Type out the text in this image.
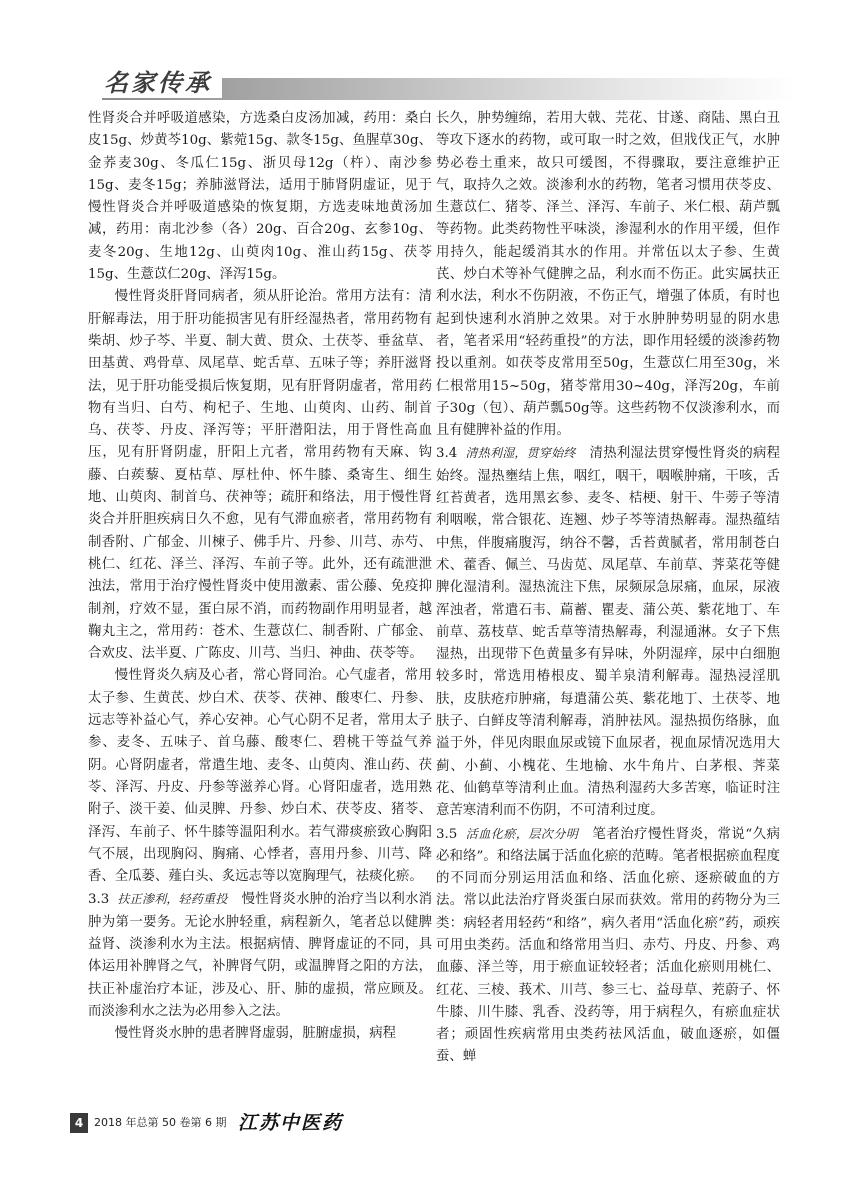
名家传承

性肾炎合并呼吸道感染，方选桑白皮汤加减，药用：桑白皮15g、炒黄芩10g、紫菀15g、款冬15g、鱼腥草30g、金荞麦30g、冬瓜仁15g、浙贝母12g（杵）、南沙参15g、麦冬15g；养肺滋肾法，适用于肺肾阴虚证，见于慢性肾炎合并呼吸道感染的恢复期，方选麦味地黄汤加减，药用：南北沙参（各）20g、百合20g、玄参10g、麦冬20g、生地12g、山萸肉10g、淮山药15g、茯苓15g、生薏苡仁20g、泽泻15g。

慢性肾炎肝肾同病者，须从肝论治。常用方法有：清肝解毒法，用于肝功能损害见有肝经湿热者，常用药物有柴胡、炒子芩、半夏、制大黄、贯众、土茯苓、垂盆草、田基黄、鸡骨草、凤尾草、蛇舌草、五味子等；养肝滋肾法，见于肝功能受损后恢复期，见有肝肾阴虚者，常用药物有当归、白芍、枸杞子、生地、山萸肉、山药、制首乌、茯苓、丹皮、泽泻等；平肝潜阳法，用于肾性高血压，见有肝肾阴虚，肝阳上亢者，常用药物有天麻、钩藤、白蒺藜、夏枯草、厚杜仲、怀牛膝、桑寄生、细生地、山萸肉、制首乌、茯神等；疏肝和络法，用于慢性肾炎合并肝胆疾病日久不愈，见有气滞血瘀者，常用药物有制香附、广郁金、川楝子、佛手片、丹参、川芎、赤芍、桃仁、红花、泽兰、泽泻、车前子等。此外，还有疏泄泄浊法，常用于治疗慢性肾炎中使用激素、雷公藤、免疫抑制剂，疗效不显，蛋白尿不消，而药物副作用明显者，越鞠丸主之，常用药：苍术、生薏苡仁、制香附、广郁金、合欢皮、法半夏、广陈皮、川芎、当归、神曲、茯苓等。

慢性肾炎久病及心者，常心肾同治。心气虚者，常用太子参、生黄芪、炒白术、茯苓、茯神、酸枣仁、丹参、远志等补益心气，养心安神。心气心阴不足者，常用太子参、麦冬、五味子、首乌藤、酸枣仁、碧桃干等益气养阴。心肾阴虚者，常遣生地、麦冬、山萸肉、淮山药、茯苓、泽泻、丹皮、丹参等滋养心肾。心肾阳虚者，选用熟附子、淡干姜、仙灵脾、丹参、炒白术、茯苓皮、猪苓、泽泻、车前子、怀牛膝等温阳利水。若气滞痰瘀致心胸阳气不展，出现胸闷、胸痛、心悸者，喜用丹参、川芎、降香、全瓜蒌、薤白头、炙远志等以宽胸理气，祛痰化瘀。

3.3 扶正渗利，轻药重投 慢性肾炎水肿的治疗当以利水消肿为第一要务。无论水肿轻重，病程新久，笔者总以健脾益肾、淡渗利水为主法。根据病情、脾肾虚证的不同，具体运用补脾肾之气，补脾肾气阴，或温脾肾之阳的方法，扶正补虚治疗本证，涉及心、肝、肺的虚损，常应顾及。而淡渗利水之法为必用参入之法。

慢性肾炎水肿的患者脾肾虚弱，脏腑虚损，病程

长久，肿势缠绵，若用大戟、芫花、甘遂、商陆、黑白丑等攻下逐水的药物，或可取一时之效，但戕伐正气，水肿势必卷土重来，故只可缓图，不得骤取，要注意维护正气，取持久之效。淡渗利水的药物，笔者习惯用茯苓皮、生薏苡仁、猪苓、泽兰、泽泻、车前子、米仁根、葫芦瓢等药物。此类药物性平味淡，渗湿利水的作用平缓，但作用持久，能起缓消其水的作用。并常伍以太子参、生黄芪、炒白术等补气健脾之品，利水而不伤正。此实属扶正利水法，利水不伤阴液，不伤正气，增强了体质，有时也起到快速利水消肿之效果。对于水肿肿势明显的阴水患者，笔者采用“轻药重投”的方法，即作用轻缓的淡渗药物投以重剂。如茯苓皮常用至50g，生薏苡仁用至30g，米仁根常用15~50g，猪苓常用30~40g，泽泻20g，车前子30g（包）、葫芦瓢50g等。这些药物不仅淡渗利水，而且有健脾补益的作用。

3.4 清热利湿，贯穿始终 清热利湿法贯穿慢性肾炎的病程始终。湿热壅结上焦，咽红，咽干，咽喉肿痛，干咳，舌红苔黄者，选用黑玄参、麦冬、桔梗、射干、牛蒡子等清利咽喉，常合银花、连翘、炒子芩等清热解毒。湿热蕴结中焦，伴腹痛腹泻，纳谷不馨，舌苔黄腻者，常用制苍白术、藿香、佩兰、马齿苋、凤尾草、车前草、荠菜花等健脾化湿清利。湿热流注下焦，尿频尿急尿痛，血尿，尿液浑浊者，常遣石韦、萹蓄、瞿麦、蒲公英、紫花地丁、车前草、荔枝草、蛇舌草等清热解毒，利湿通淋。女子下焦湿热，出现带下色黄量多有异味，外阴湿痒，尿中白细胞较多时，常选用椿根皮、蜀羊泉清利解毒。湿热浸淫肌肤，皮肤疮疖肿痛，每遣蒲公英、紫花地丁、土茯苓、地肤子、白鲜皮等清利解毒，消肿祛风。湿热损伤络脉，血溢于外，伴见肉眼血尿或镜下血尿者，视血尿情况选用大蓟、小蓟、小槐花、生地榆、水牛角片、白茅根、荠菜花、仙鹤草等清利止血。清热利湿药大多苦寒，临证时注意苦寒清利而不伤阴，不可清利过度。

3.5 活血化瘀，层次分明 笔者治疗慢性肾炎，常说“久病必和络”。和络法属于活血化瘀的范畴。笔者根据瘀血程度的不同而分别运用活血和络、活血化瘀、逐瘀破血的方法。常以此法治疗肾炎蛋白尿而获效。常用的药物分为三类：病轻者用轻药“和络”，病久者用“活血化瘀”药，顽疾可用虫类药。活血和络常用当归、赤芍、丹皮、丹参、鸡血藤、泽兰等，用于瘀血证较轻者；活血化瘀则用桃仁、红花、三棱、莪术、川芎、参三七、益母草、茺蔚子、怀牛膝、川牛膝、乳香、没药等，用于病程久，有瘀血症状者；顽固性疾病常用虫类药祛风活血，破血逐瘀，如僵蚕、蝉

4 2018 年总第 50 卷第 6 期 江苏中医药
